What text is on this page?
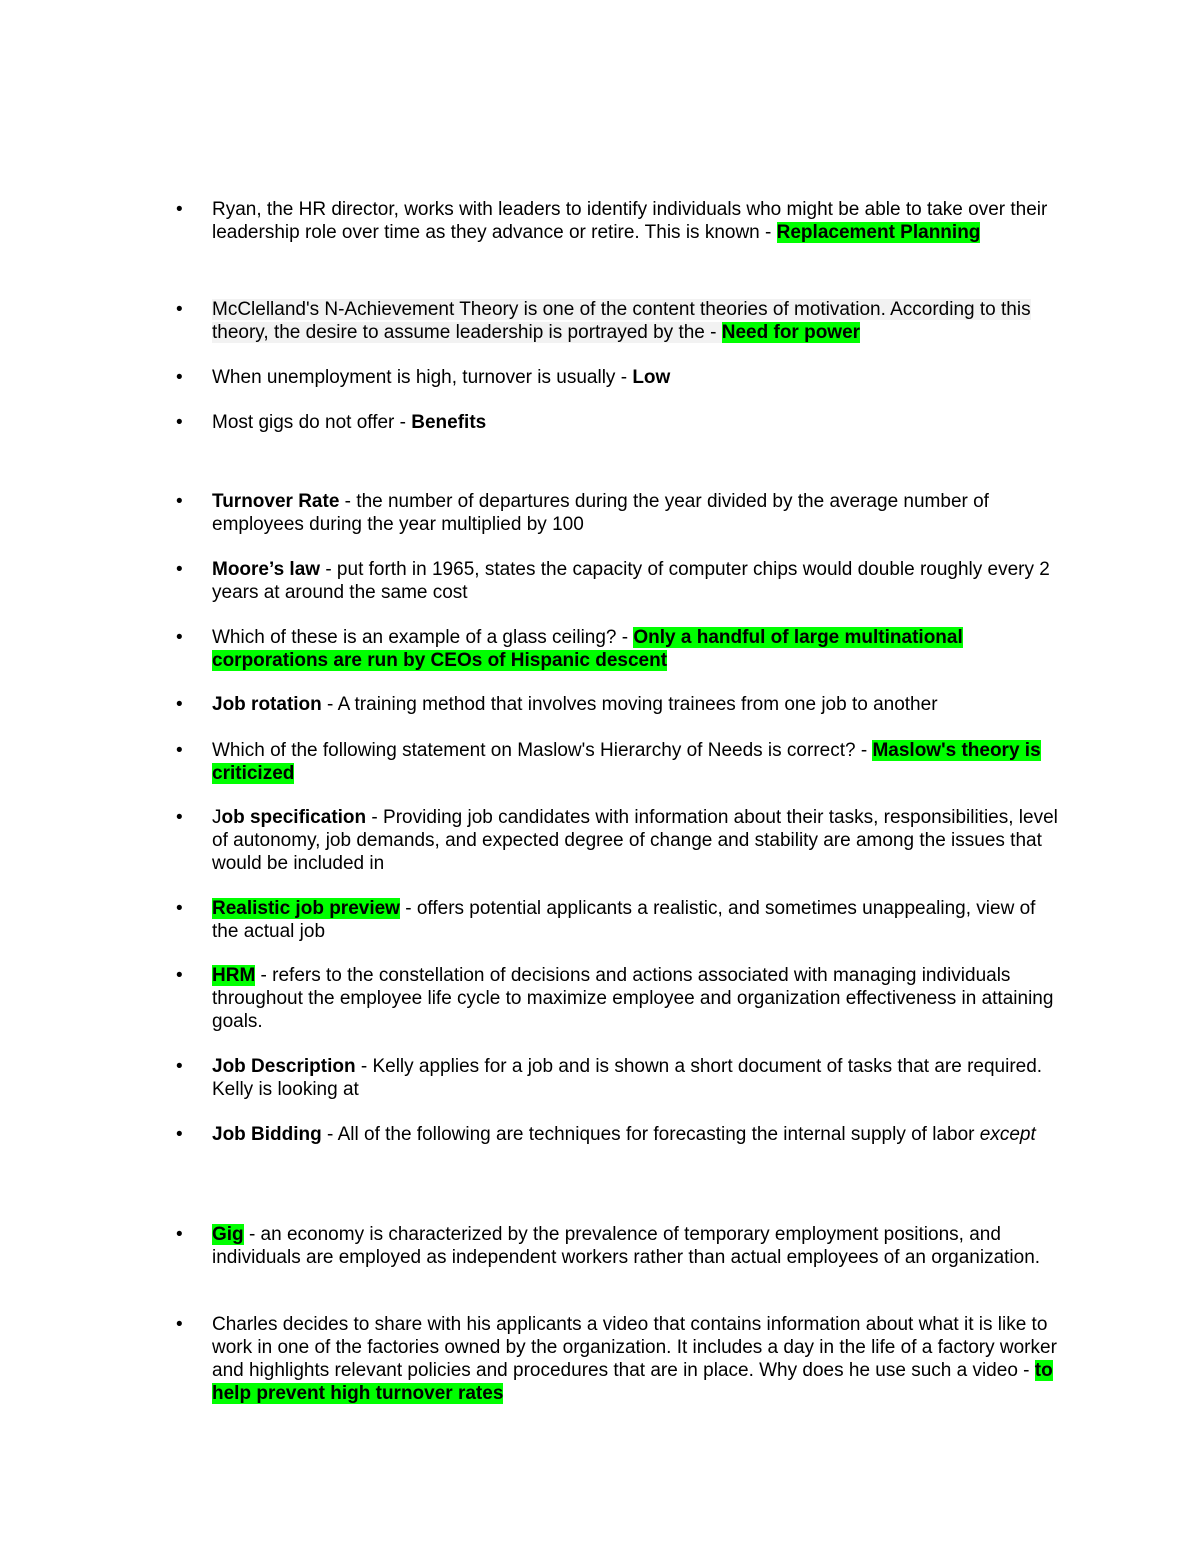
• Ryan, the HR director, works with leaders to identify individuals who might be able to take over their leadership role over time as they advance or retire. This is known - Replacement Planning
• McClelland's N-Achievement Theory is one of the content theories of motivation. According to this theory, the desire to assume leadership is portrayed by the - Need for power
• When unemployment is high, turnover is usually - Low
• Most gigs do not offer - Benefits
• Turnover Rate - the number of departures during the year divided by the average number of employees during the year multiplied by 100
• Moore’s law - put forth in 1965, states the capacity of computer chips would double roughly every 2 years at around the same cost
• Which of these is an example of a glass ceiling? - Only a handful of large multinational corporations are run by CEOs of Hispanic descent
• Job rotation - A training method that involves moving trainees from one job to another
• Which of the following statement on Maslow's Hierarchy of Needs is correct? - Maslow's theory is criticized
• Job specification - Providing job candidates with information about their tasks, responsibilities, level of autonomy, job demands, and expected degree of change and stability are among the issues that would be included in
• Realistic job preview - offers potential applicants a realistic, and sometimes unappealing, view of the actual job
• HRM - refers to the constellation of decisions and actions associated with managing individuals throughout the employee life cycle to maximize employee and organization effectiveness in attaining goals.
• Job Description - Kelly applies for a job and is shown a short document of tasks that are required. Kelly is looking at
• Job Bidding - All of the following are techniques for forecasting the internal supply of labor except
• Gig - an economy is characterized by the prevalence of temporary employment positions, and individuals are employed as independent workers rather than actual employees of an organization.
• Charles decides to share with his applicants a video that contains information about what it is like to work in one of the factories owned by the organization. It includes a day in the life of a factory worker and highlights relevant policies and procedures that are in place. Why does he use such a video - to help prevent high turnover rates
